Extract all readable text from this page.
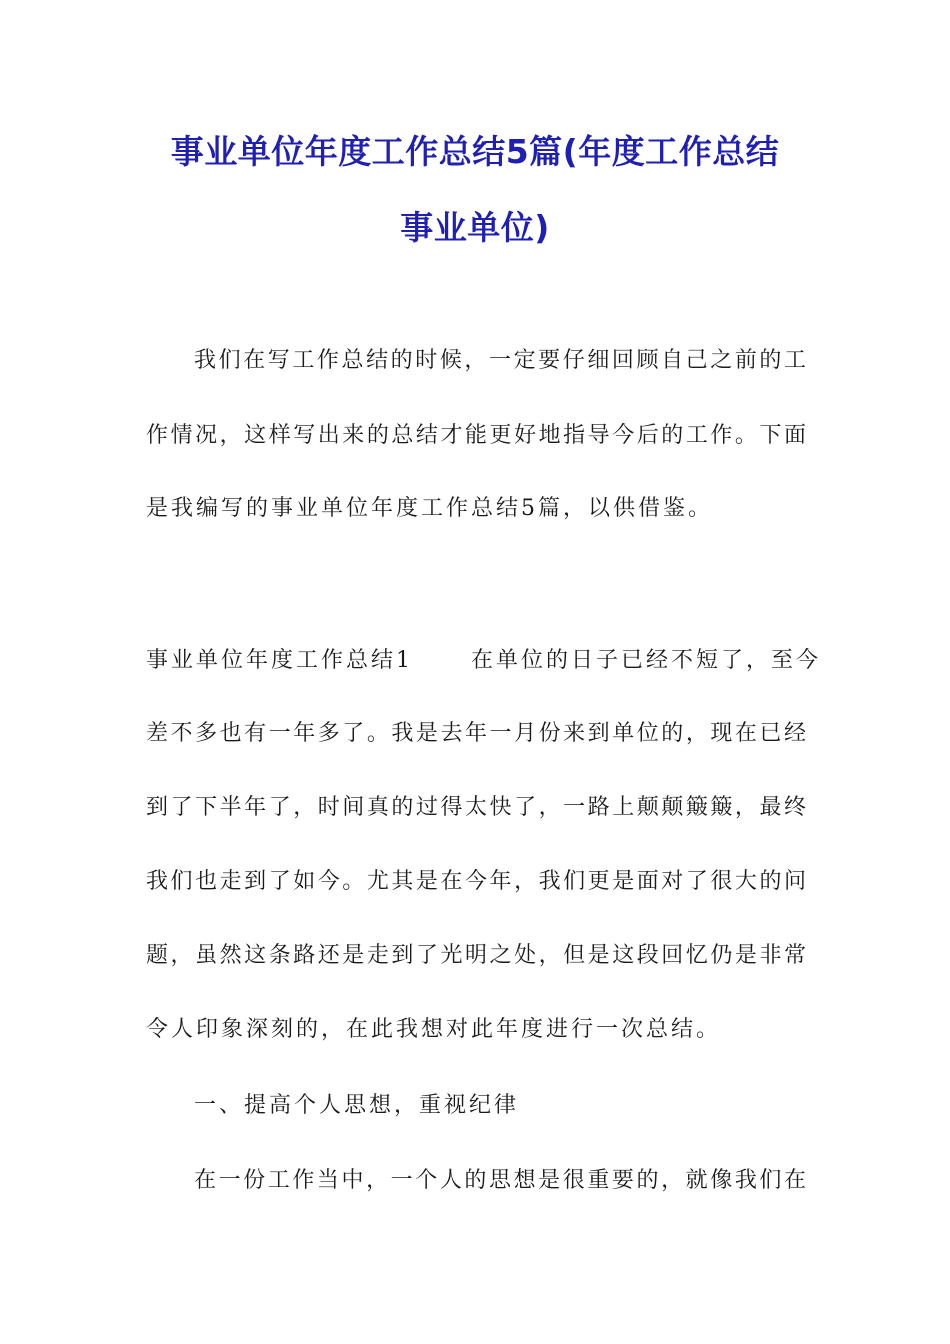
事业单位年度工作总结5篇(年度工作总结
事业单位)
我们在写工作总结的时候，一定要仔细回顾自己之前的工
作情况，这样写出来的总结才能更好地指导今后的工作。下面
是我编写的事业单位年度工作总结5篇，以供借鉴。
事业单位年度工作总结1	在单位的日子已经不短了，至今
差不多也有一年多了。我是去年一月份来到单位的，现在已经
到了下半年了，时间真的过得太快了，一路上颠颠簸簸，最终
我们也走到了如今。尤其是在今年，我们更是面对了很大的问
题，虽然这条路还是走到了光明之处，但是这段回忆仍是非常
令人印象深刻的，在此我想对此年度进行一次总结。
一、提高个人思想，重视纪律
在一份工作当中，一个人的思想是很重要的，就像我们在
